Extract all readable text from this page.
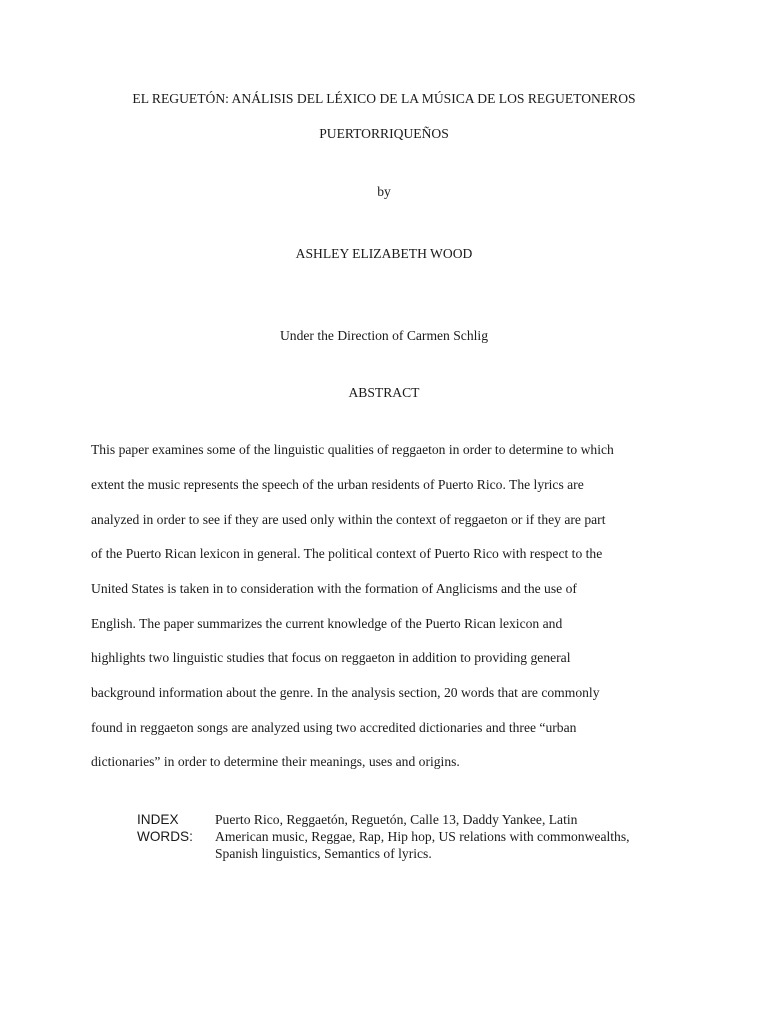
EL REGUETÓN: ANÁLISIS DEL LÉXICO DE LA MÚSICA DE LOS REGUETONEROS
PUERTORRIQUEÑOS
by
ASHLEY ELIZABETH WOOD
Under the Direction of Carmen Schlig
ABSTRACT
This paper examines some of the linguistic qualities of reggaeton in order to determine to which
extent the music represents the speech of the urban residents of Puerto Rico. The lyrics are
analyzed in order to see if they are used only within the context of reggaeton or if they are part
of the Puerto Rican lexicon in general. The political context of Puerto Rico with respect to the
United States is taken in to consideration with the formation of Anglicisms and the use of
English. The paper summarizes the current knowledge of the Puerto Rican lexicon and
highlights two linguistic studies that focus on reggaeton in addition to providing general
background information about the genre. In the analysis section, 20 words that are commonly
found in reggaeton songs are analyzed using two accredited dictionaries and three “urban
dictionaries” in order to determine their meanings, uses and origins.
INDEX
WORDS:
Puerto Rico, Reggaetón, Reguetón, Calle 13, Daddy Yankee, Latin
American music, Reggae, Rap, Hip hop, US relations with commonwealths,
Spanish linguistics, Semantics of lyrics.
